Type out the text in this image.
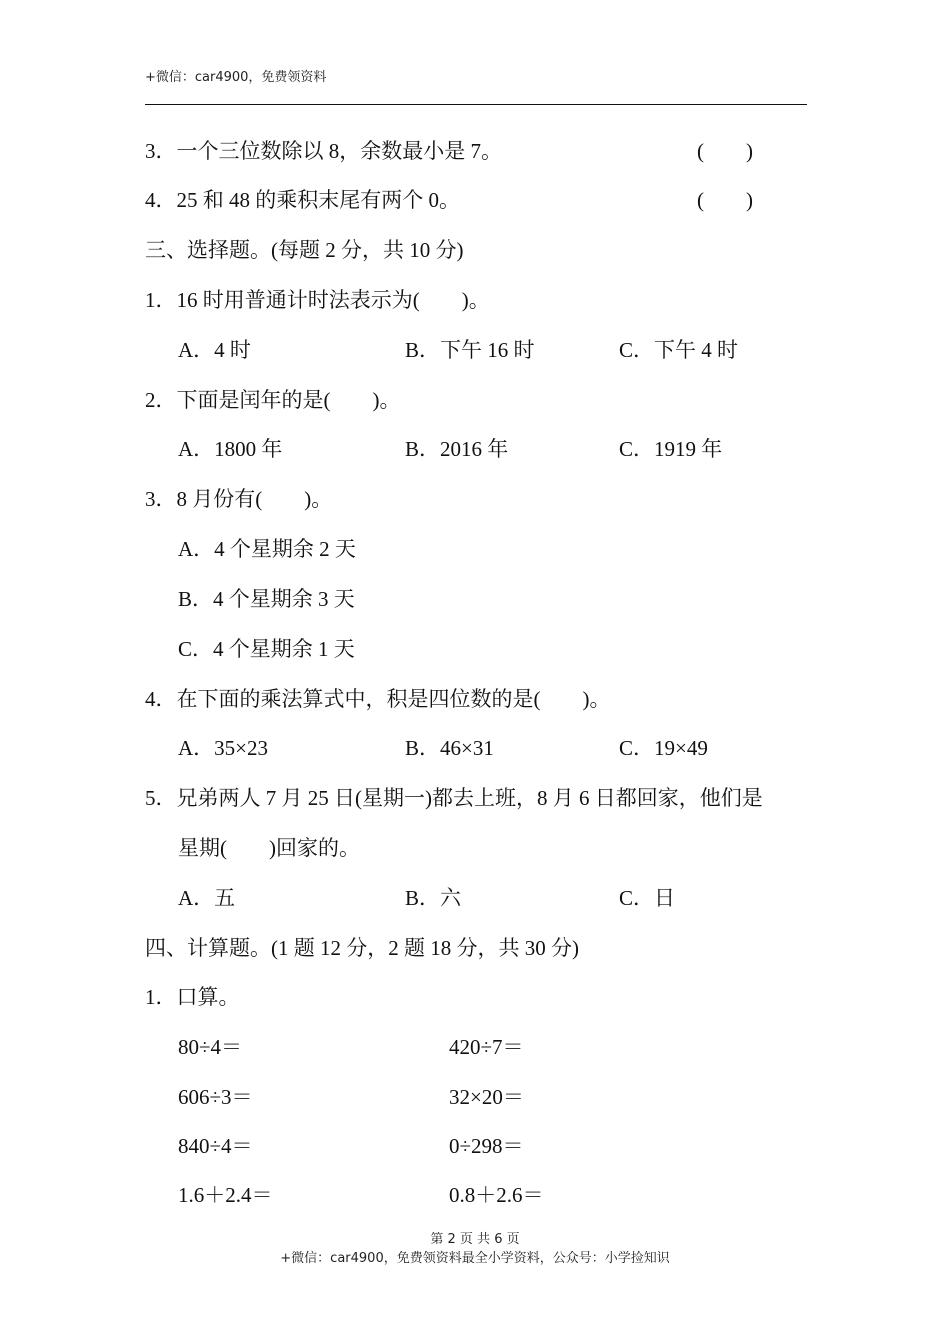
+微信：car4900，免费领资料
3．一个三位数除以 8，余数最小是 7。	(　　)
4．25 和 48 的乘积末尾有两个 0。	(　　)
三、选择题。(每题 2 分，共 10 分)
1．16 时用普通计时法表示为(　　)。
A．4 时	B．下午 16 时	C．下午 4 时
2．下面是闰年的是(　　)。
A．1800 年	B．2016 年	C．1919 年
3．8 月份有(　　)。
A．4 个星期余 2 天
B．4 个星期余 3 天
C．4 个星期余 1 天
4．在下面的乘法算式中，积是四位数的是(　　)。
A．35×23	B．46×31	C．19×49
5．兄弟两人 7 月 25 日(星期一)都去上班，8 月 6 日都回家，他们是
星期(　　)回家的。
A．五	B．六	C．日
四、计算题。(1 题 12 分，2 题 18 分，共 30 分)
1．口算。
80÷4＝	420÷7＝
606÷3＝	32×20＝
840÷4＝	0÷298＝
1.6＋2.4＝	0.8＋2.6＝
第 2 页 共 6 页
+微信：car4900，免费领资料最全小学资料，公众号：小学捡知识
